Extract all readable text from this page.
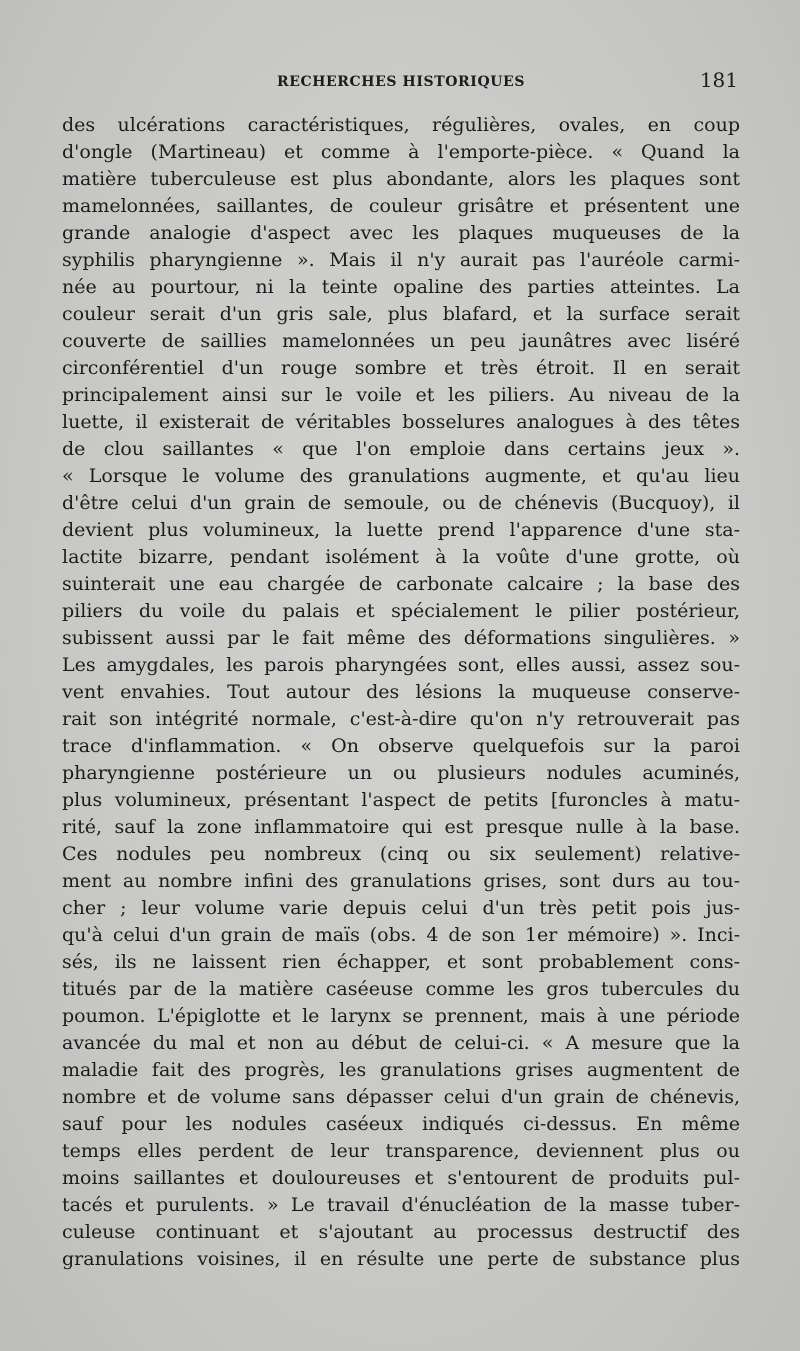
RECHERCHES HISTORIQUES	181
des ulcérations caractéristiques, régulières, ovales, en coup
d'ongle (Martineau) et comme à l'emporte-pièce. « Quand la
matière tuberculeuse est plus abondante, alors les plaques sont
mamelonnées, saillantes, de couleur grisâtre et présentent une
grande analogie d'aspect avec les plaques muqueuses de la
syphilis pharyngienne ». Mais il n'y aurait pas l'auréole carmi-
née au pourtour, ni la teinte opaline des parties atteintes. La
couleur serait d'un gris sale, plus blafard, et la surface serait
couverte de saillies mamelonnées un peu jaunâtres avec liséré
circonférentiel d'un rouge sombre et très étroit. Il en serait
principalement ainsi sur le voile et les piliers. Au niveau de la
luette, il existerait de véritables bosselures analogues à des têtes
de clou saillantes « que l'on emploie dans certains jeux ».
« Lorsque le volume des granulations augmente, et qu'au lieu
d'être celui d'un grain de semoule, ou de chénevis (Bucquoy), il
devient plus volumineux, la luette prend l'apparence d'une sta-
lactite bizarre, pendant isolément à la voûte d'une grotte, où
suinterait une eau chargée de carbonate calcaire ; la base des
piliers du voile du palais et spécialement le pilier postérieur,
subissent aussi par le fait même des déformations singulières. »
Les amygdales, les parois pharyngées sont, elles aussi, assez sou-
vent envahies. Tout autour des lésions la muqueuse conserve-
rait son intégrité normale, c'est-à-dire qu'on n'y retrouverait pas
trace d'inflammation. « On observe quelquefois sur la paroi
pharyngienne postérieure un ou plusieurs nodules acuminés,
plus volumineux, présentant l'aspect de petits [furoncles à matu-
rité, sauf la zone inflammatoire qui est presque nulle à la base.
Ces nodules peu nombreux (cinq ou six seulement) relative-
ment au nombre infini des granulations grises, sont durs au tou-
cher ; leur volume varie depuis celui d'un très petit pois jus-
qu'à celui d'un grain de maïs (obs. 4 de son 1er mémoire) ». Inci-
sés, ils ne laissent rien échapper, et sont probablement cons-
titués par de la matière caséeuse comme les gros tubercules du
poumon. L'épiglotte et le larynx se prennent, mais à une période
avancée du mal et non au début de celui-ci. « A mesure que la
maladie fait des progrès, les granulations grises augmentent de
nombre et de volume sans dépasser celui d'un grain de chénevis,
sauf pour les nodules caséeux indiqués ci-dessus. En même
temps elles perdent de leur transparence, deviennent plus ou
moins saillantes et douloureuses et s'entourent de produits pul-
tacés et purulents. » Le travail d'énucléation de la masse tuber-
culeuse continuant et s'ajoutant au processus destructif des
granulations voisines, il en résulte une perte de substance plus
